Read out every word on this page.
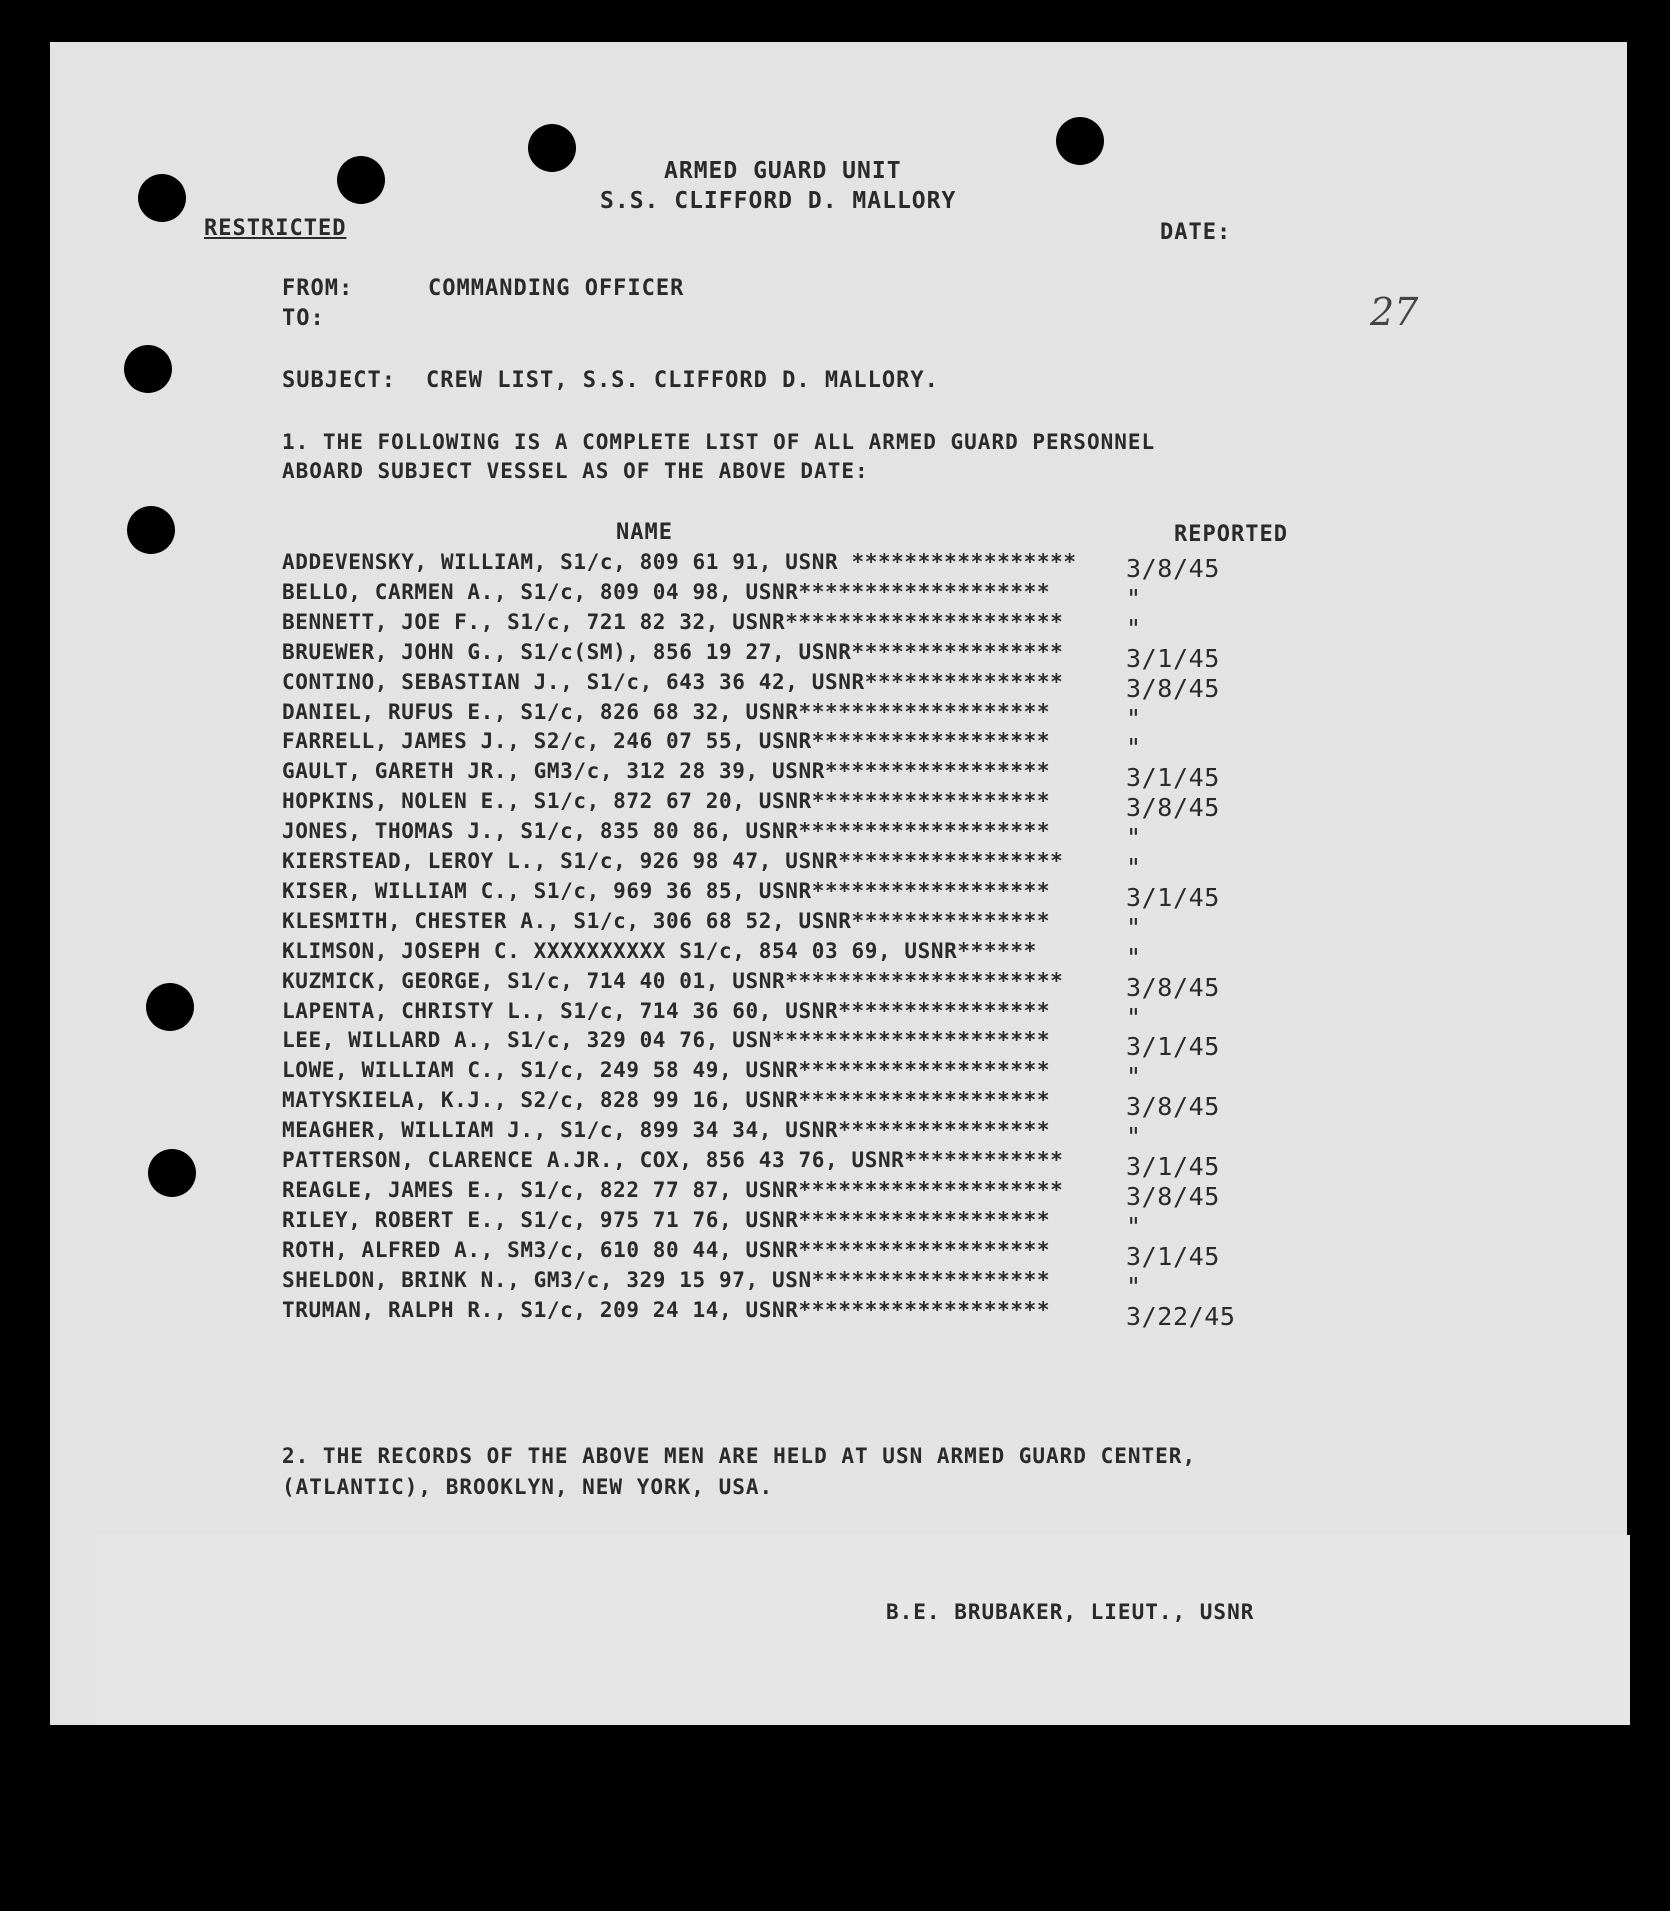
ARMED GUARD UNIT
S.S. CLIFFORD D. MALLORY
RESTRICTED	DATE:
27
FROM:	COMMANDING OFFICER
TO:
SUBJECT: CREW LIST, S.S. CLIFFORD D. MALLORY.
1. THE FOLLOWING IS A COMPLETE LIST OF ALL ARMED GUARD PERSONNEL
ABOARD SUBJECT VESSEL AS OF THE ABOVE DATE:
NAME	REPORTED
ADDEVENSKY, WILLIAM, S1/c, 809 61 91, USNR *****************	3/8/45
BELLO, CARMEN A., S1/c, 809 04 98, USNR*******************	"
BENNETT, JOE F., S1/c, 721 82 32, USNR*********************	"
BRUEWER, JOHN G., S1/c(SM), 856 19 27, USNR****************	3/1/45
CONTINO, SEBASTIAN J., S1/c, 643 36 42, USNR***************	3/8/45
DANIEL, RUFUS E., S1/c, 826 68 32, USNR*******************	"
FARRELL, JAMES J., S2/c, 246 07 55, USNR******************	"
GAULT, GARETH JR., GM3/c, 312 28 39, USNR*****************	3/1/45
HOPKINS, NOLEN E., S1/c, 872 67 20, USNR******************	3/8/45
JONES, THOMAS J., S1/c, 835 80 86, USNR*******************	"
KIERSTEAD, LEROY L., S1/c, 926 98 47, USNR*****************	"
KISER, WILLIAM C., S1/c, 969 36 85, USNR******************	3/1/45
KLESMITH, CHESTER A., S1/c, 306 68 52, USNR***************	"
KLIMSON, JOSEPH C. XXXXXXXXXX S1/c, 854 03 69, USNR******	"
KUZMICK, GEORGE, S1/c, 714 40 01, USNR*********************	3/8/45
LAPENTA, CHRISTY L., S1/c, 714 36 60, USNR****************	"
LEE, WILLARD A., S1/c, 329 04 76, USN*********************	3/1/45
LOWE, WILLIAM C., S1/c, 249 58 49, USNR*******************	"
MATYSKIELA, K.J., S2/c, 828 99 16, USNR*******************	3/8/45
MEAGHER, WILLIAM J., S1/c, 899 34 34, USNR****************	"
PATTERSON, CLARENCE A.JR., COX, 856 43 76, USNR************	3/1/45
REAGLE, JAMES E., S1/c, 822 77 87, USNR********************	3/8/45
RILEY, ROBERT E., S1/c, 975 71 76, USNR*******************	"
ROTH, ALFRED A., SM3/c, 610 80 44, USNR*******************	3/1/45
SHELDON, BRINK N., GM3/c, 329 15 97, USN******************	"
TRUMAN, RALPH R., S1/c, 209 24 14, USNR*******************	3/22/45
2. THE RECORDS OF THE ABOVE MEN ARE HELD AT USN ARMED GUARD CENTER,
(ATLANTIC), BROOKLYN, NEW YORK, USA.
B.E. BRUBAKER, LIEUT., USNR
